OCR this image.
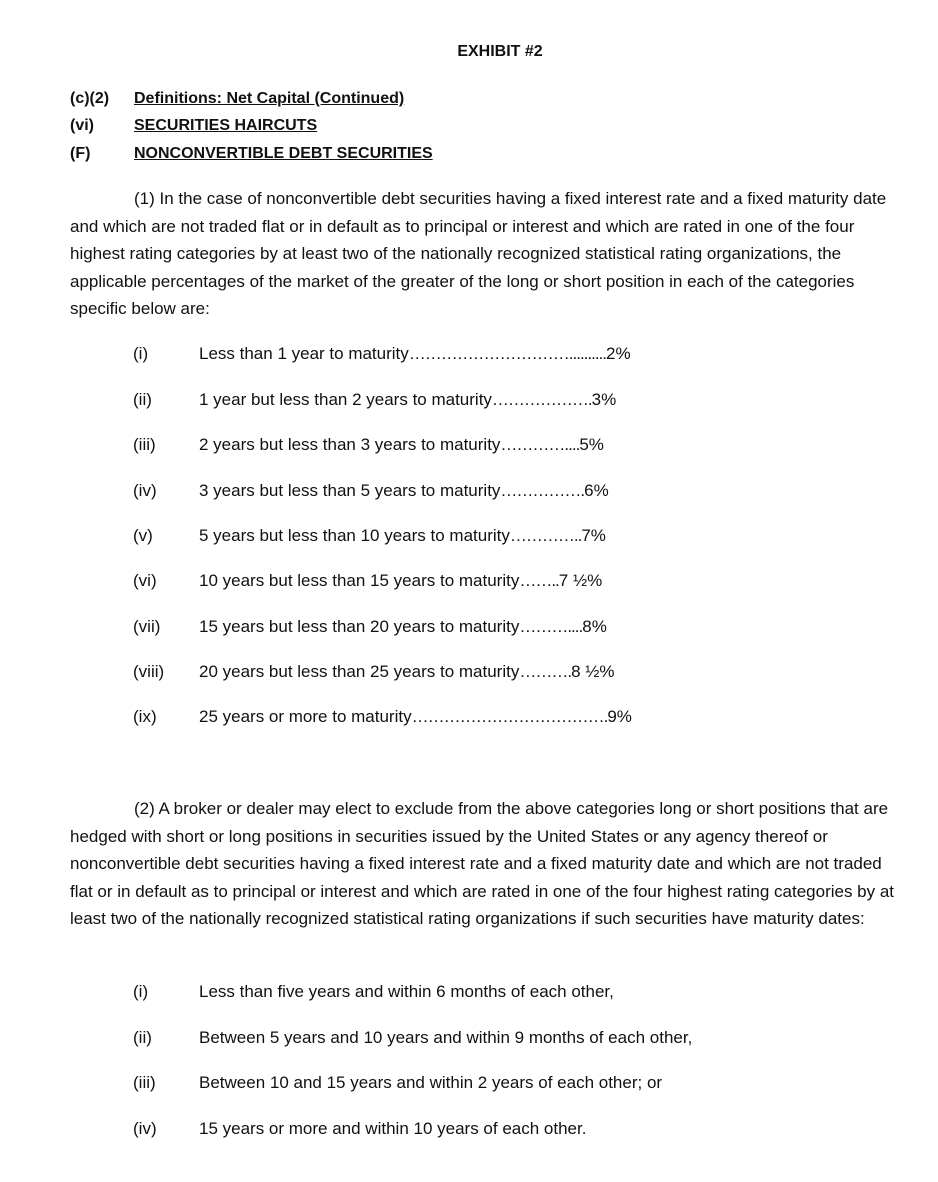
EXHIBIT #2
(c)(2) Definitions: Net Capital (Continued)
(vi)	SECURITIES HAIRCUTS
(F)	NONCONVERTIBLE DEBT SECURITIES

(1) In the case of nonconvertible debt securities having a fixed interest rate and a fixed maturity date and which are not traded flat or in default as to principal or interest and which are rated in one of the four highest rating categories by at least two of the nationally recognized statistical rating organizations, the applicable percentages of the market of the greater of the long or short position in each of the categories specific below are:

(i)	Less than 1 year to maturity…………………………..........2%
(ii)	1 year but less than 2 years to maturity……………….3%
(iii)	2 years but less than 3 years to maturity…………....5%
(iv) 3 years but less than 5 years to maturity…………….6%
(v)	5 years but less than 10 years to maturity…………..7%
(vi) 10 years but less than 15 years to maturity……..7 ½%
(vii) 15 years but less than 20 years to maturity………....8%
(viii) 20 years but less than 25 years to maturity……….8 ½%
(ix) 25 years or more to maturity……………………………….9%

(2) A broker or dealer may elect to exclude from the above categories long or short positions that are hedged with short or long positions in securities issued by the United States or any agency thereof or nonconvertible debt securities having a fixed interest rate and a fixed maturity date and which are not traded flat or in default as to principal or interest and which are rated in one of the four highest rating categories by at least two of the nationally recognized statistical rating organizations if such securities have maturity dates:

(i)	Less than five years and within 6 months of each other,
(ii)	Between 5 years and 10 years and within 9 months of each other,
(iii)	Between 10 and 15 years and within 2 years of each other; or
(iv) 15 years or more and within 10 years of each other.
